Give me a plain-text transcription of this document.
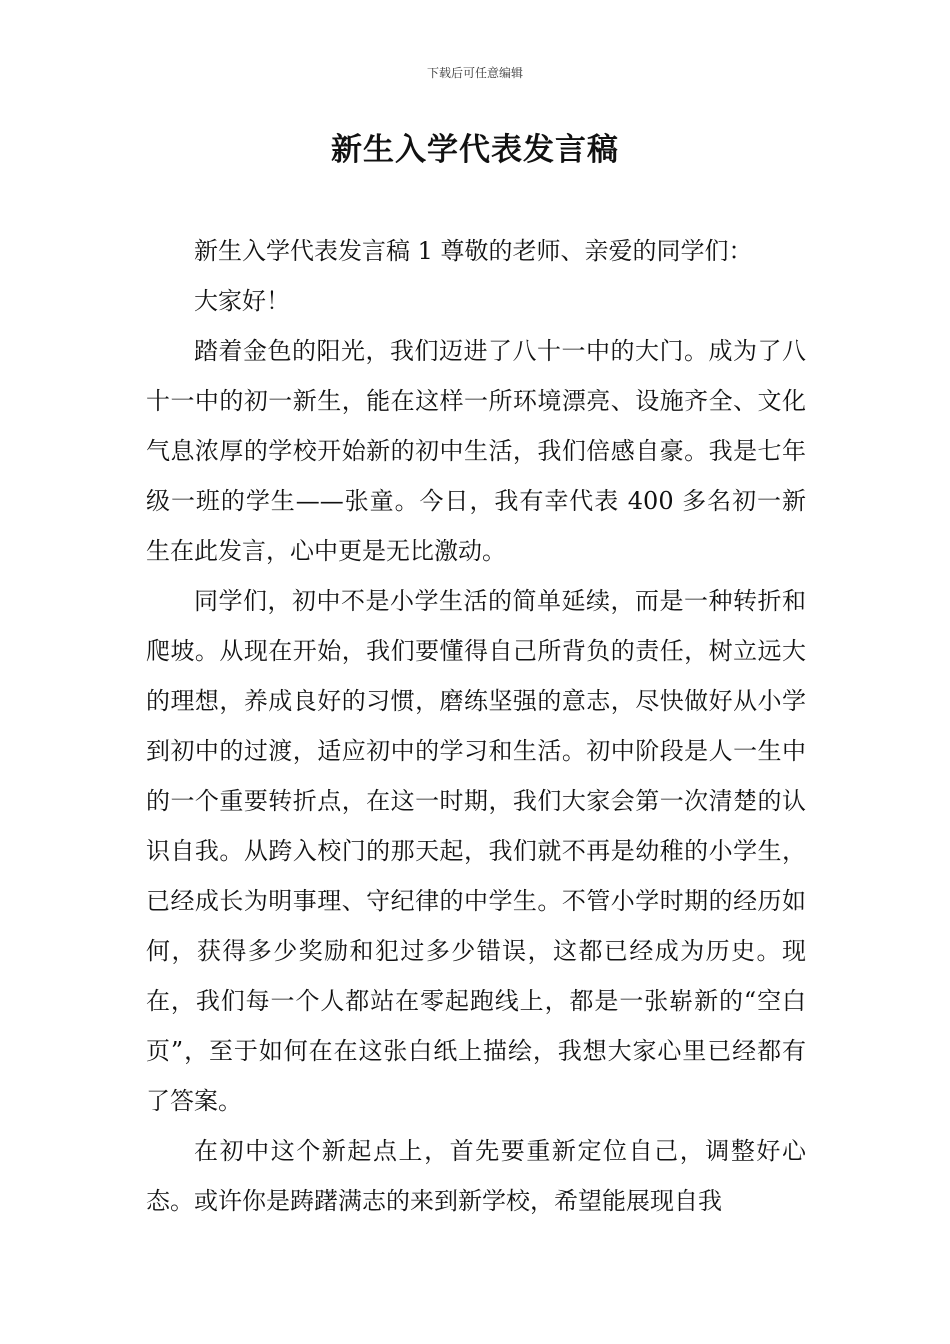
下载后可任意编辑
新生入学代表发言稿

新生入学代表发言稿 1 尊敬的老师、亲爱的同学们：

大家好！

踏着金色的阳光，我们迈进了八十一中的大门。成为了八十一中的初一新生，能在这样一所环境漂亮、设施齐全、文化气息浓厚的学校开始新的初中生活，我们倍感自豪。我是七年级一班的学生——张童。今日，我有幸代表 400 多名初一新生在此发言，心中更是无比激动。

同学们，初中不是小学生活的简单延续，而是一种转折和爬坡。从现在开始，我们要懂得自己所背负的责任，树立远大的理想，养成良好的习惯，磨练坚强的意志，尽快做好从小学到初中的过渡，适应初中的学习和生活。初中阶段是人一生中的一个重要转折点，在这一时期，我们大家会第一次清楚的认识自我。从跨入校门的那天起，我们就不再是幼稚的小学生，已经成长为明事理、守纪律的中学生。不管小学时期的经历如何，获得多少奖励和犯过多少错误，这都已经成为历史。现在，我们每一个人都站在零起跑线上，都是一张崭新的“空白页”，至于如何在在这张白纸上描绘，我想大家心里已经都有了答案。

在初中这个新起点上，首先要重新定位自己，调整好心态。或许你是踌躇满志的来到新学校，希望能展现自我
